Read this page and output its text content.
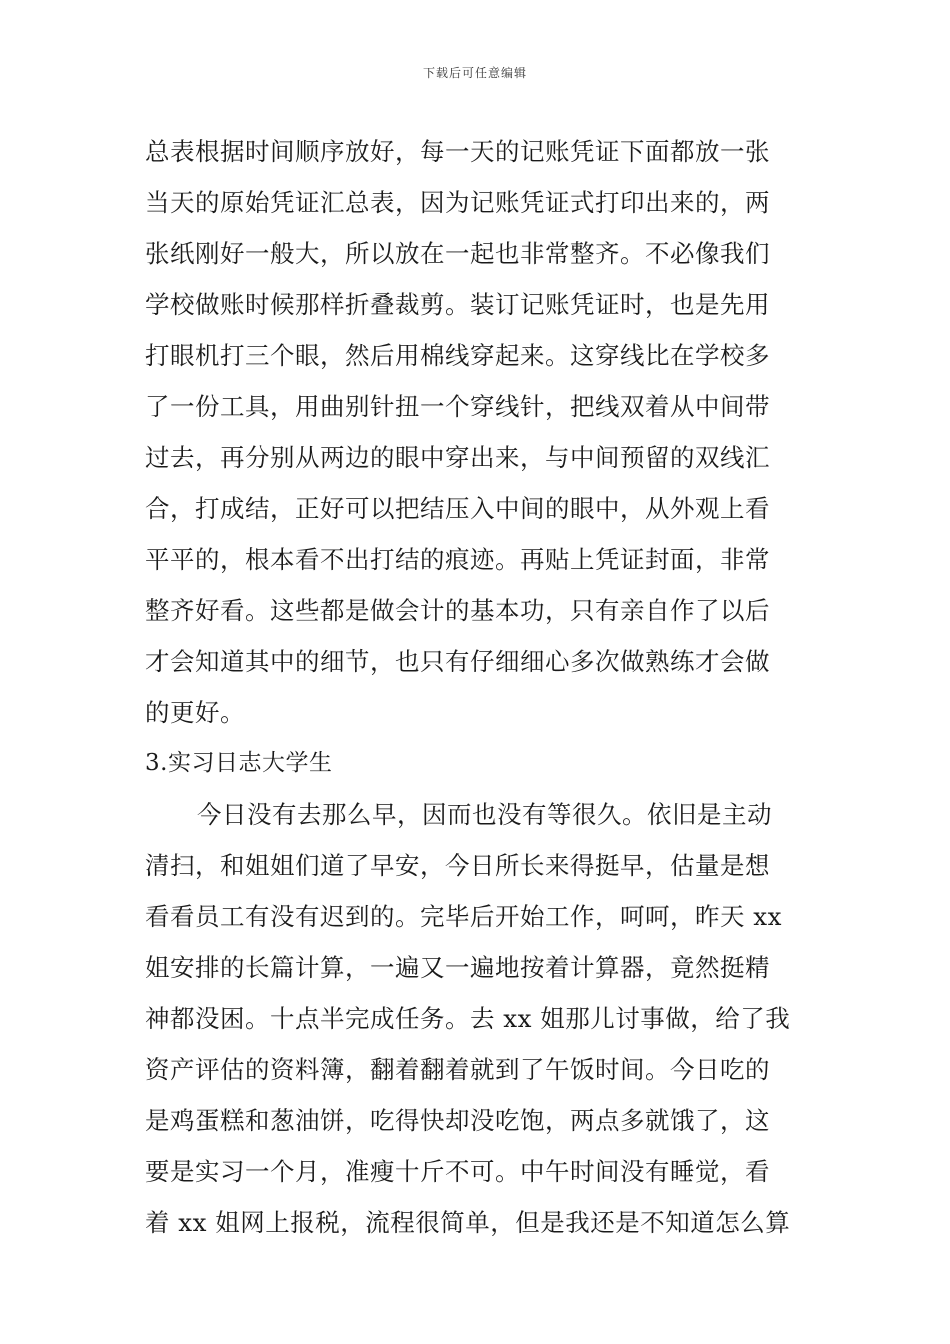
下载后可任意编辑
总表根据时间顺序放好，每一天的记账凭证下面都放一张
当天的原始凭证汇总表，因为记账凭证式打印出来的，两
张纸刚好一般大，所以放在一起也非常整齐。不必像我们
学校做账时候那样折叠裁剪。装订记账凭证时，也是先用
打眼机打三个眼，然后用棉线穿起来。这穿线比在学校多
了一份工具，用曲别针扭一个穿线针，把线双着从中间带
过去，再分别从两边的眼中穿出来，与中间预留的双线汇
合，打成结，正好可以把结压入中间的眼中，从外观上看
平平的，根本看不出打结的痕迹。再贴上凭证封面，非常
整齐好看。这些都是做会计的基本功，只有亲自作了以后
才会知道其中的细节，也只有仔细细心多次做熟练才会做
的更好。
3.实习日志大学生
今日没有去那么早，因而也没有等很久。依旧是主动
清扫，和姐姐们道了早安，今日所长来得挺早，估量是想
看看员工有没有迟到的。完毕后开始工作，呵呵，昨天 xx
姐安排的长篇计算，一遍又一遍地按着计算器，竟然挺精
神都没困。十点半完成任务。去 xx 姐那儿讨事做，给了我
资产评估的资料簿，翻着翻着就到了午饭时间。今日吃的
是鸡蛋糕和葱油饼，吃得快却没吃饱，两点多就饿了，这
要是实习一个月，准瘦十斤不可。中午时间没有睡觉，看
着 xx 姐网上报税，流程很简单，但是我还是不知道怎么算
